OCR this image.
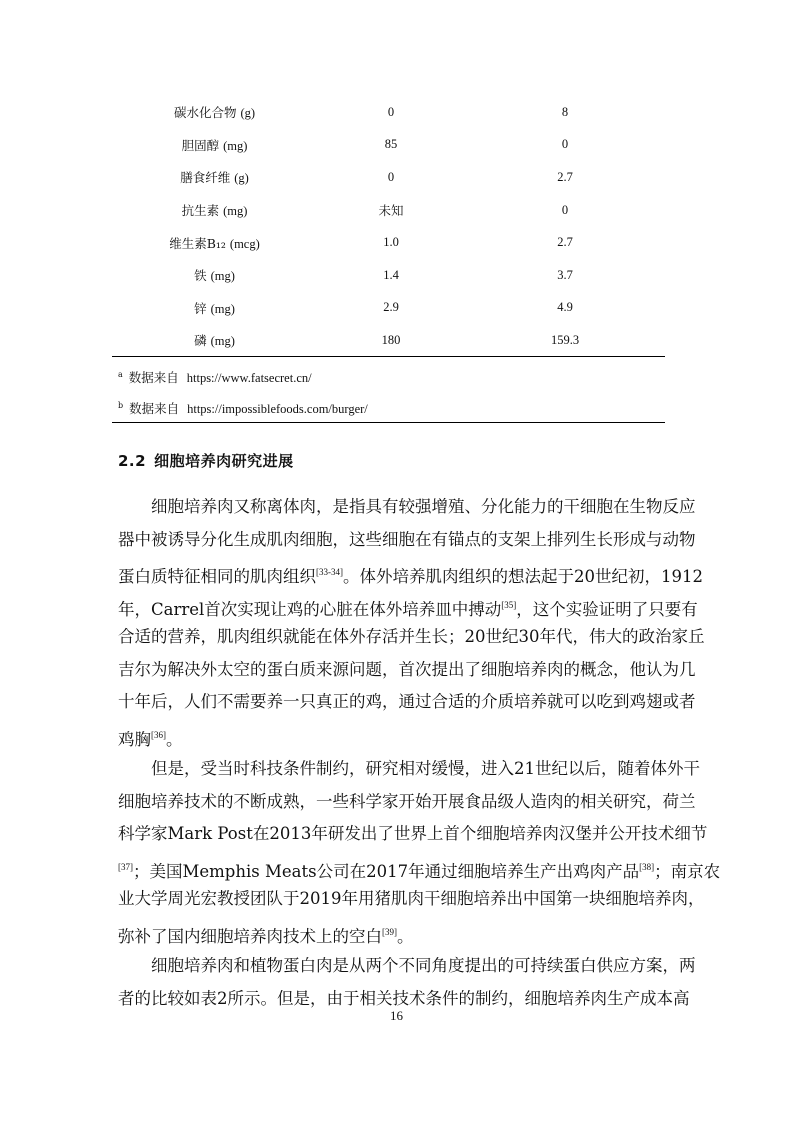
碳水化合物 (g)	0	8
胆固醇 (mg)	85	0
膳食纤维 (g)	0	2.7
抗生素 (mg)	未知	0
维生素B₁₂ (mcg)	1.0	2.7
铁 (mg)	1.4	3.7
锌 (mg)	2.9	4.9
磷 (mg)	180	159.3
$^a$ 数据来自 https://www.fatsecret.cn/
$^b$ 数据来自 https://impossiblefoods.com/burger/
2.2 细胞培养肉研究进展
细胞培养肉又称离体肉，是指具有较强增殖、分化能力的干细胞在生物反应
器中被诱导分化生成肌肉细胞，这些细胞在有锚点的支架上排列生长形成与动物
蛋白质特征相同的肌肉组织[33-34]。体外培养肌肉组织的想法起于20世纪初，1912
年，Carrel首次实现让鸡的心脏在体外培养皿中搏动[35]，这个实验证明了只要有
合适的营养，肌肉组织就能在体外存活并生长；20世纪30年代，伟大的政治家丘
吉尔为解决外太空的蛋白质来源问题，首次提出了细胞培养肉的概念，他认为几
十年后，人们不需要养一只真正的鸡，通过合适的介质培养就可以吃到鸡翅或者
鸡胸[36]。
但是，受当时科技条件制约，研究相对缓慢，进入21世纪以后，随着体外干
细胞培养技术的不断成熟，一些科学家开始开展食品级人造肉的相关研究，荷兰
科学家Mark Post在2013年研发出了世界上首个细胞培养肉汉堡并公开技术细节
[37]；美国Memphis Meats公司在2017年通过细胞培养生产出鸡肉产品[38]；南京农
业大学周光宏教授团队于2019年用猪肌肉干细胞培养出中国第一块细胞培养肉，
弥补了国内细胞培养肉技术上的空白[39]。
细胞培养肉和植物蛋白肉是从两个不同角度提出的可持续蛋白供应方案，两
者的比较如表2所示。但是，由于相关技术条件的制约，细胞培养肉生产成本高
16
